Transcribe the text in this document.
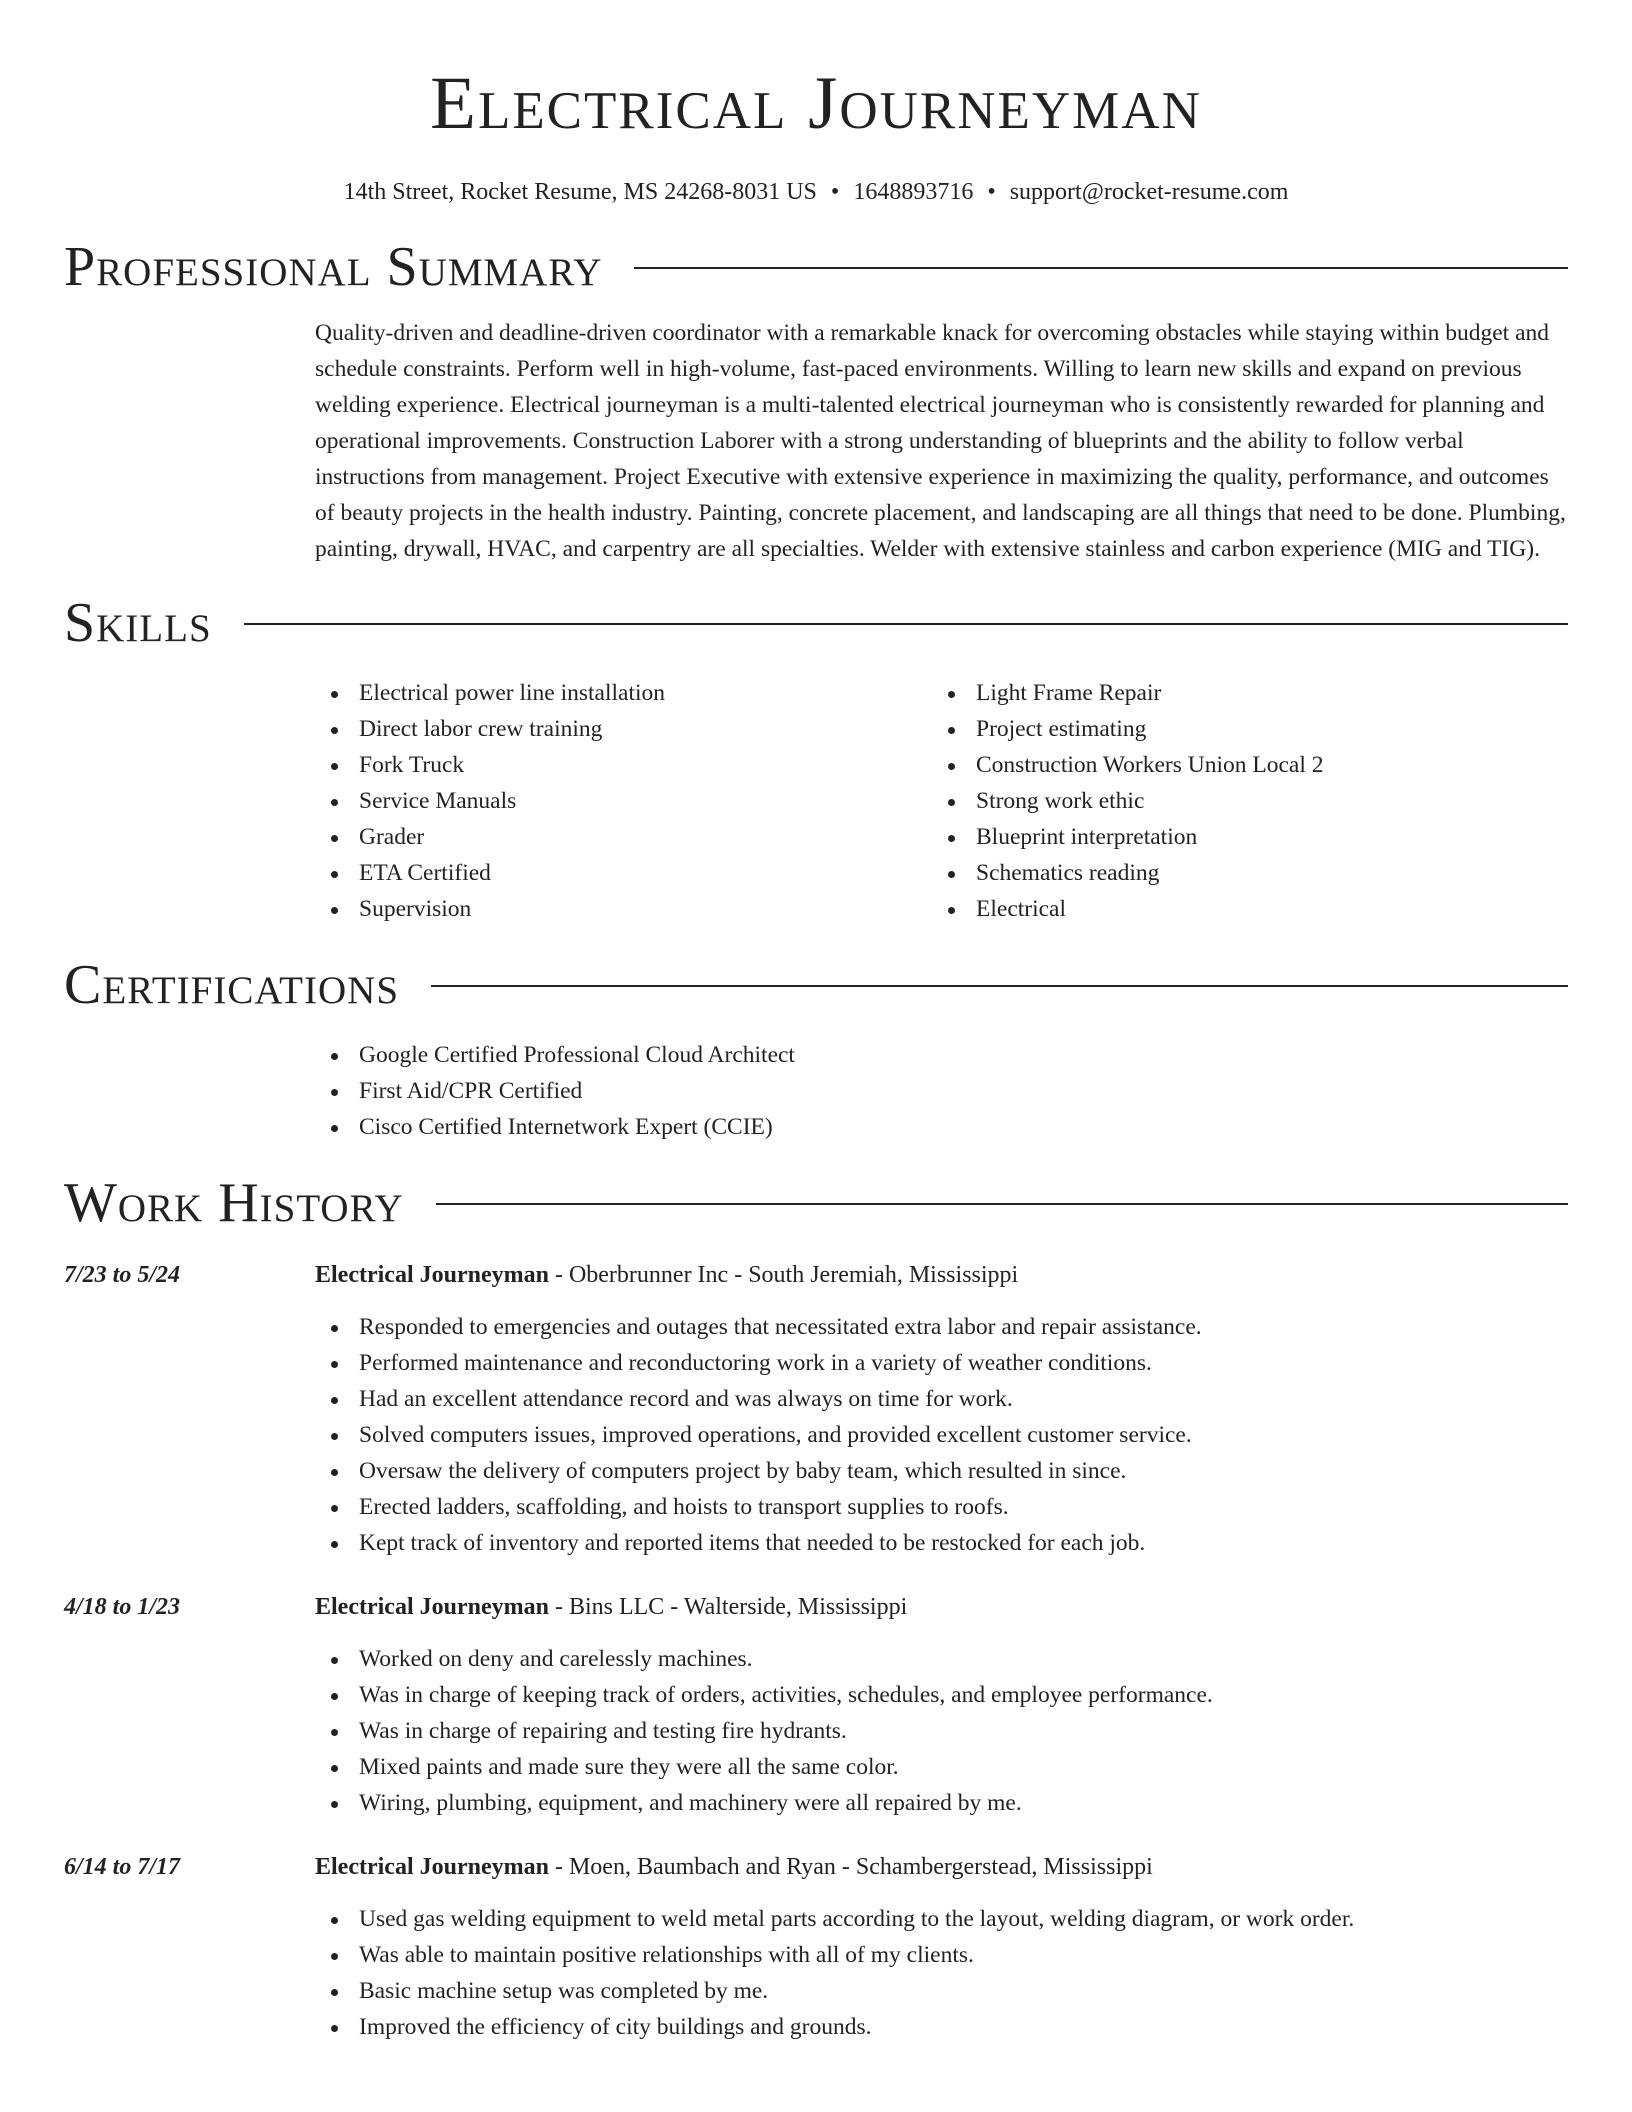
Electrical Journeyman
14th Street, Rocket Resume, MS 24268-8031 US • 1648893716 • support@rocket-resume.com
Professional Summary

Quality-driven and deadline-driven coordinator with a remarkable knack for overcoming obstacles while staying within budget and schedule constraints. Perform well in high-volume, fast-paced environments. Willing to learn new skills and expand on previous welding experience. Electrical journeyman is a multi-talented electrical journeyman who is consistently rewarded for planning and operational improvements. Construction Laborer with a strong understanding of blueprints and the ability to follow verbal instructions from management. Project Executive with extensive experience in maximizing the quality, performance, and outcomes of beauty projects in the health industry. Painting, concrete placement, and landscaping are all things that need to be done. Plumbing, painting, drywall, HVAC, and carpentry are all specialties. Welder with extensive stainless and carbon experience (MIG and TIG).

Skills
Electrical power line installation
Direct labor crew training
Fork Truck
Service Manuals
Grader
ETA Certified
Supervision
Light Frame Repair
Project estimating
Construction Workers Union Local 2
Strong work ethic
Blueprint interpretation
Schematics reading
Electrical
Certifications
Google Certified Professional Cloud Architect
First Aid/CPR Certified
Cisco Certified Internetwork Expert (CCIE)
Work History
7/23 to 5/24	Electrical Journeyman - Oberbrunner Inc - South Jeremiah, Mississippi
Responded to emergencies and outages that necessitated extra labor and repair assistance.
Performed maintenance and reconductoring work in a variety of weather conditions.
Had an excellent attendance record and was always on time for work.
Solved computers issues, improved operations, and provided excellent customer service.
Oversaw the delivery of computers project by baby team, which resulted in since.
Erected ladders, scaffolding, and hoists to transport supplies to roofs.
Kept track of inventory and reported items that needed to be restocked for each job.
4/18 to 1/23	Electrical Journeyman - Bins LLC - Walterside, Mississippi
Worked on deny and carelessly machines.
Was in charge of keeping track of orders, activities, schedules, and employee performance.
Was in charge of repairing and testing fire hydrants.
Mixed paints and made sure they were all the same color.
Wiring, plumbing, equipment, and machinery were all repaired by me.
6/14 to 7/17	Electrical Journeyman - Moen, Baumbach and Ryan - Schambergerstead, Mississippi
Used gas welding equipment to weld metal parts according to the layout, welding diagram, or work order.
Was able to maintain positive relationships with all of my clients.
Basic machine setup was completed by me.
Improved the efficiency of city buildings and grounds.
